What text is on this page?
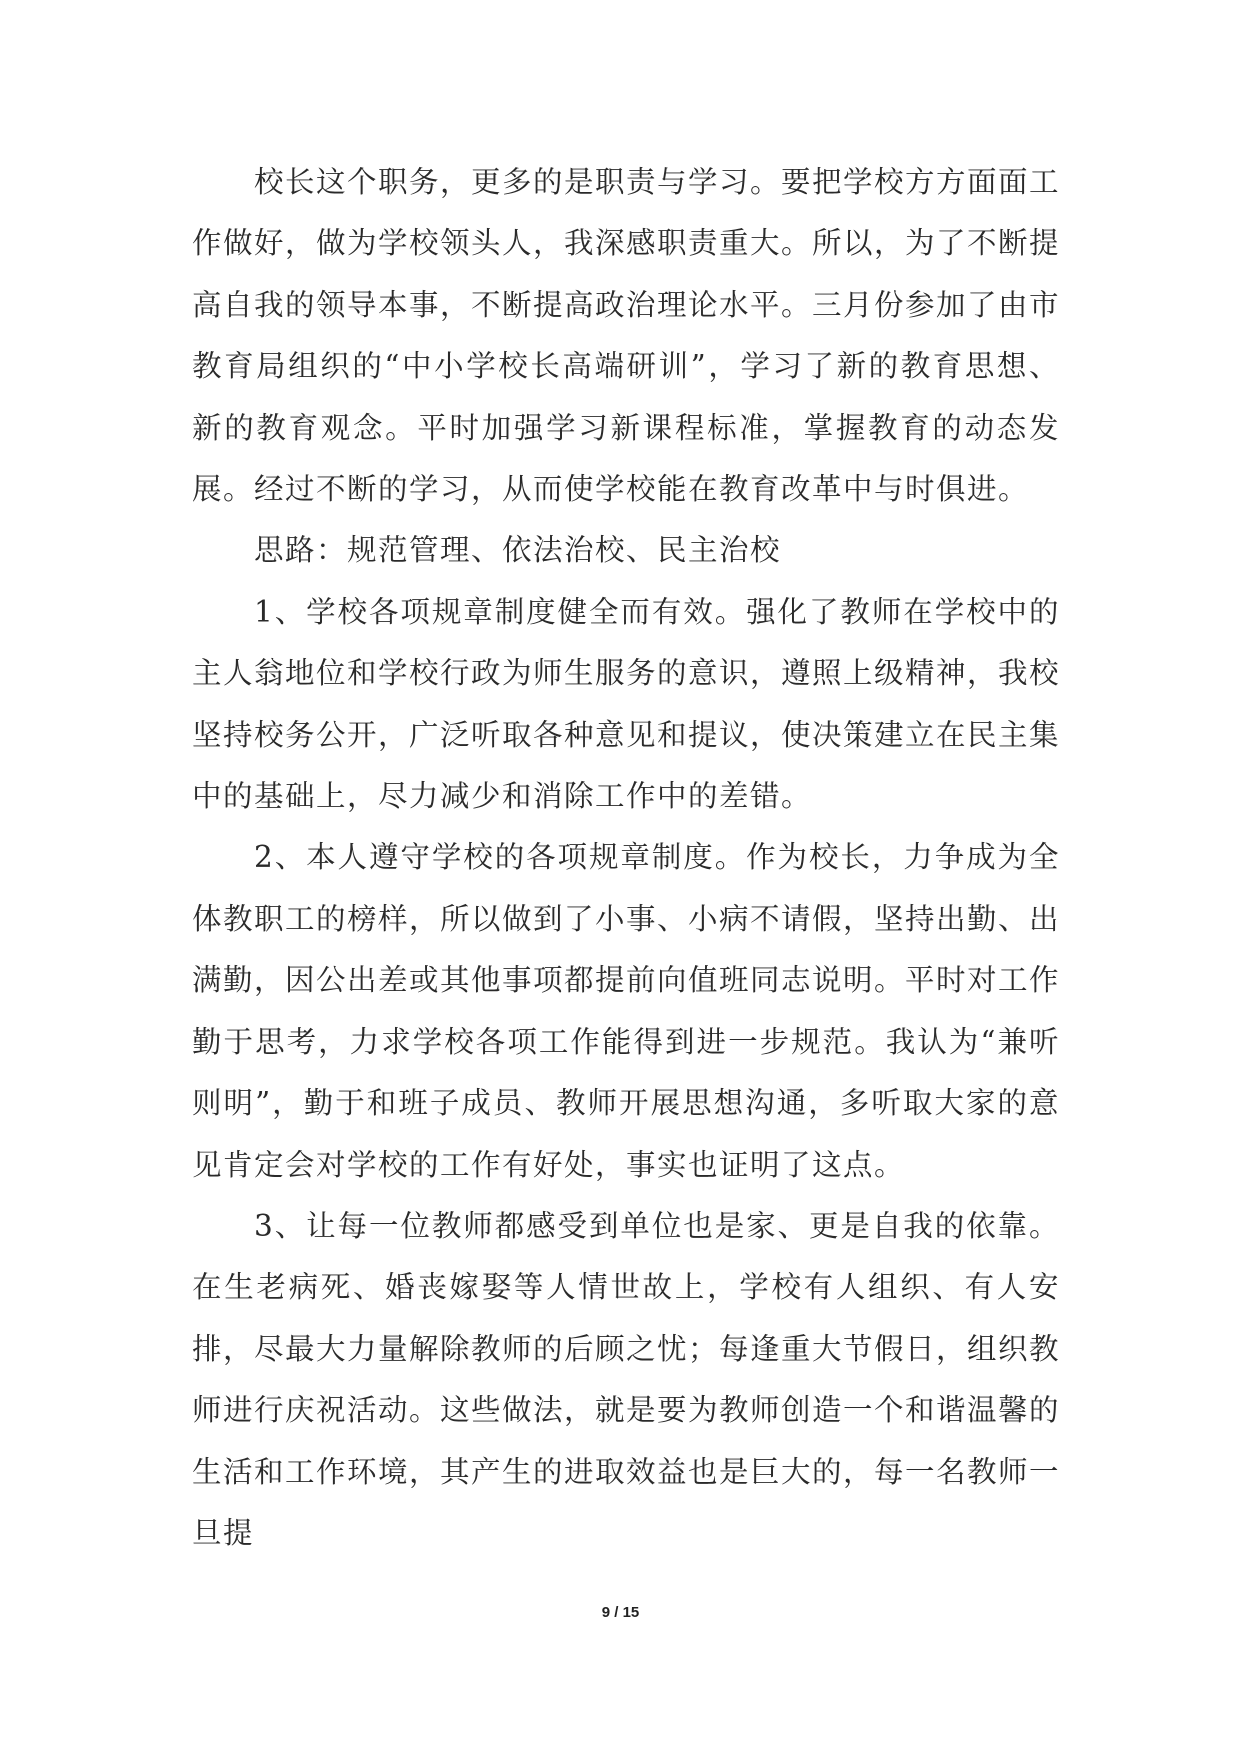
校长这个职务，更多的是职责与学习。要把学校方方面面工作做好，做为学校领头人，我深感职责重大。所以，为了不断提高自我的领导本事，不断提高政治理论水平。三月份参加了由市教育局组织的“中小学校长高端研训”，学习了新的教育思想、新的教育观念。平时加强学习新课程标准，掌握教育的动态发展。经过不断的学习，从而使学校能在教育改革中与时俱进。

思路：规范管理、依法治校、民主治校

1、学校各项规章制度健全而有效。强化了教师在学校中的主人翁地位和学校行政为师生服务的意识，遵照上级精神，我校坚持校务公开，广泛听取各种意见和提议，使决策建立在民主集中的基础上，尽力减少和消除工作中的差错。

2、本人遵守学校的各项规章制度。作为校长，力争成为全体教职工的榜样，所以做到了小事、小病不请假，坚持出勤、出满勤，因公出差或其他事项都提前向值班同志说明。平时对工作勤于思考，力求学校各项工作能得到进一步规范。我认为“兼听则明”，勤于和班子成员、教师开展思想沟通，多听取大家的意见肯定会对学校的工作有好处，事实也证明了这点。

3、让每一位教师都感受到单位也是家、更是自我的依靠。在生老病死、婚丧嫁娶等人情世故上，学校有人组织、有人安排，尽最大力量解除教师的后顾之忧；每逢重大节假日，组织教师进行庆祝活动。这些做法，就是要为教师创造一个和谐温馨的生活和工作环境，其产生的进取效益也是巨大的，每一名教师一旦提

9 / 15
